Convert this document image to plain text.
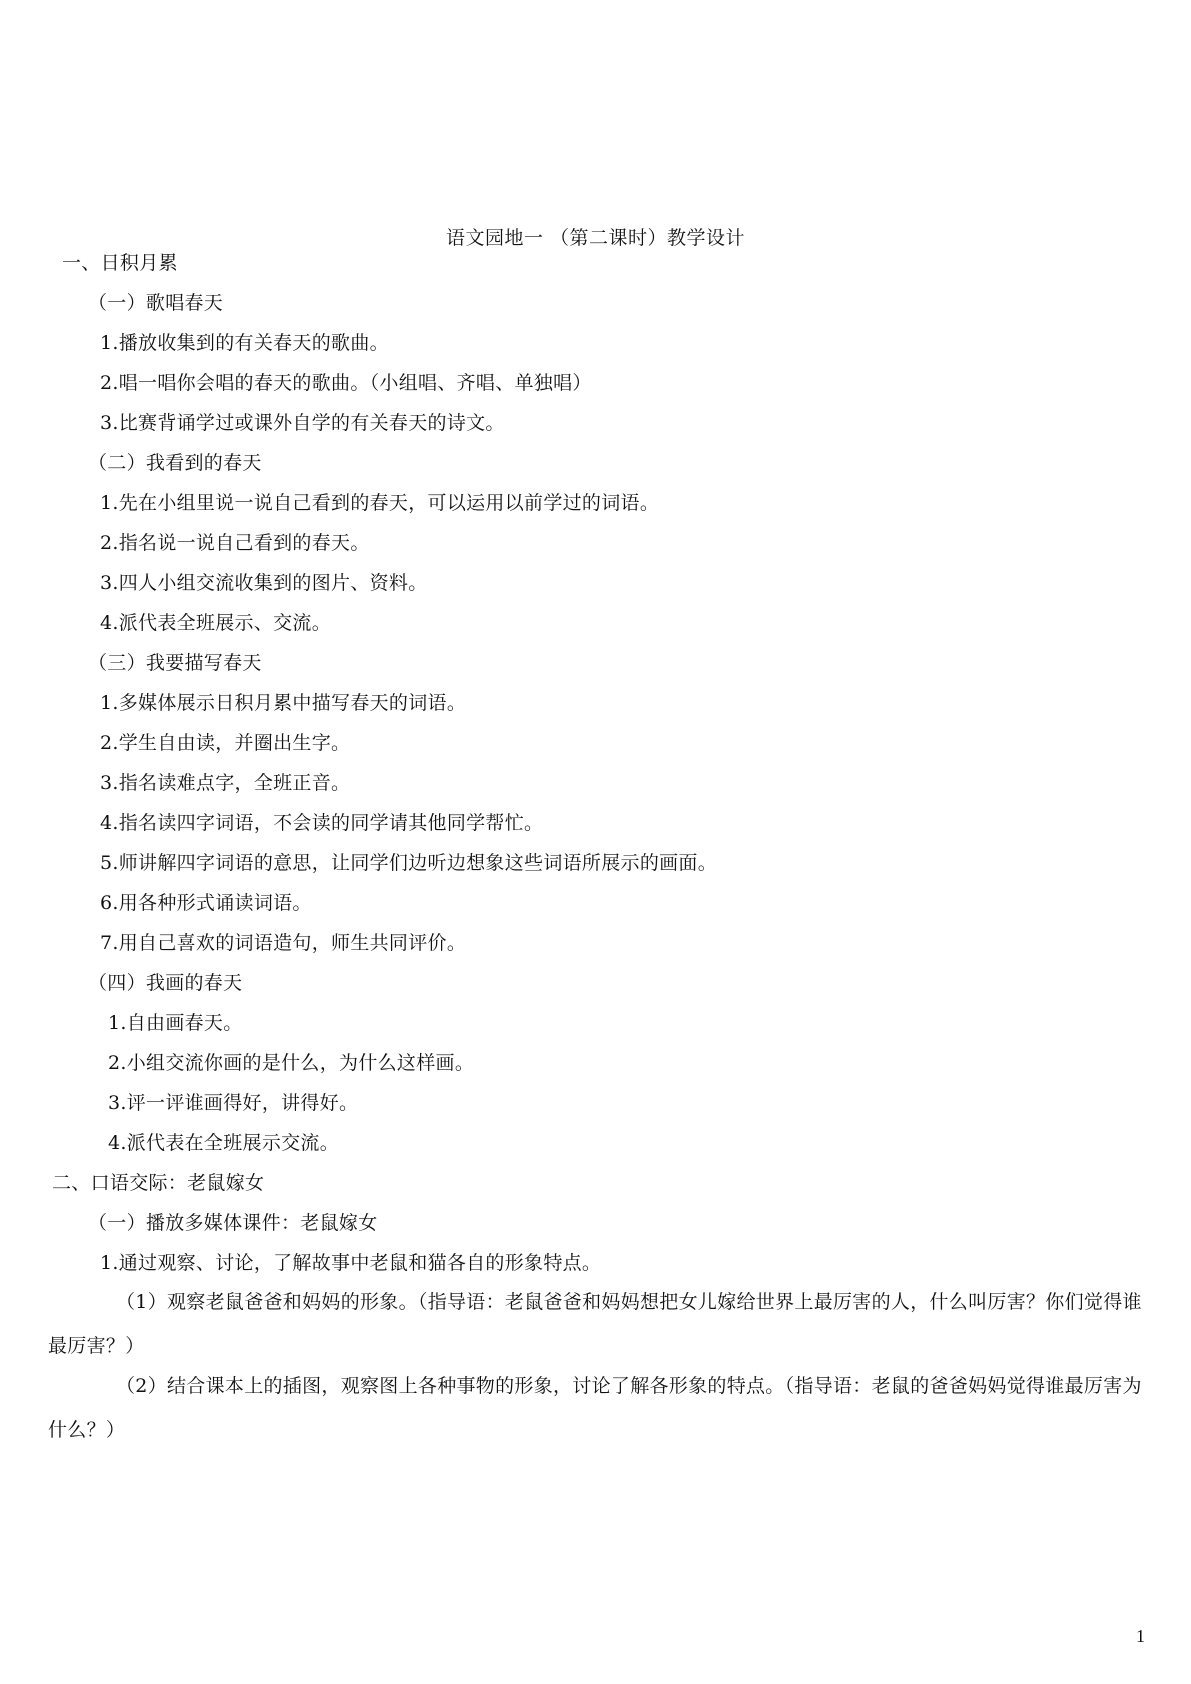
语文园地一 （第二课时）教学设计
一、日积月累
（一）歌唱春天
1.播放收集到的有关春天的歌曲。
2.唱一唱你会唱的春天的歌曲。（小组唱、齐唱、单独唱）
3.比赛背诵学过或课外自学的有关春天的诗文。
（二）我看到的春天
1.先在小组里说一说自己看到的春天，可以运用以前学过的词语。
2.指名说一说自己看到的春天。
3.四人小组交流收集到的图片、资料。
4.派代表全班展示、交流。
（三）我要描写春天
1.多媒体展示日积月累中描写春天的词语。
2.学生自由读，并圈出生字。
3.指名读难点字，全班正音。
4.指名读四字词语，不会读的同学请其他同学帮忙。
5.师讲解四字词语的意思，让同学们边听边想象这些词语所展示的画面。
6.用各种形式诵读词语。
7.用自己喜欢的词语造句，师生共同评价。
（四）我画的春天
1.自由画春天。
2.小组交流你画的是什么，为什么这样画。
3.评一评谁画得好，讲得好。
4.派代表在全班展示交流。
二、口语交际：老鼠嫁女
（一）播放多媒体课件：老鼠嫁女
1.通过观察、讨论，了解故事中老鼠和猫各自的形象特点。
（1）观察老鼠爸爸和妈妈的形象。（指导语：老鼠爸爸和妈妈想把女儿嫁给世界上最厉害的人，什么叫厉害？你们觉得谁最厉害？）
（2）结合课本上的插图，观察图上各种事物的形象，讨论了解各形象的特点。（指导语：老鼠的爸爸妈妈觉得谁最厉害为什么？）
1
